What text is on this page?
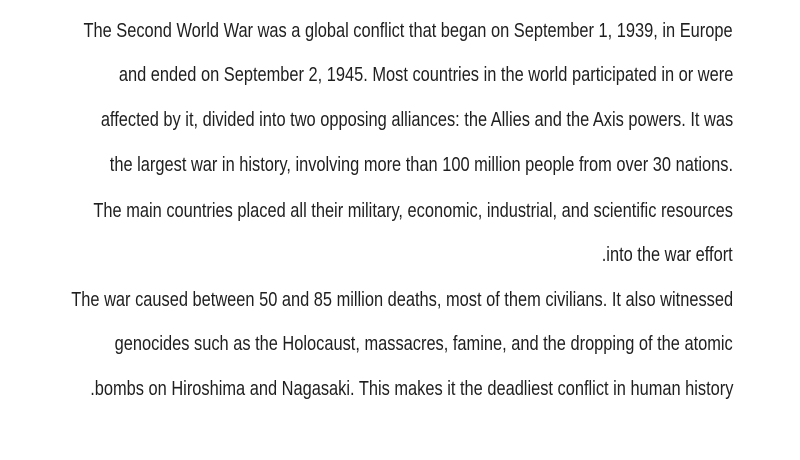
The Second World War was a global conflict that began on September 1, 1939, in Europe
and ended on September 2, 1945. Most countries in the world participated in or were
affected by it, divided into two opposing alliances: the Allies and the Axis powers. It was
the largest war in history, involving more than 100 million people from over 30 nations.
The main countries placed all their military, economic, industrial, and scientific resources
.into the war effort
The war caused between 50 and 85 million deaths, most of them civilians. It also witnessed
genocides such as the Holocaust, massacres, famine, and the dropping of the atomic
.bombs on Hiroshima and Nagasaki. This makes it the deadliest conflict in human history
